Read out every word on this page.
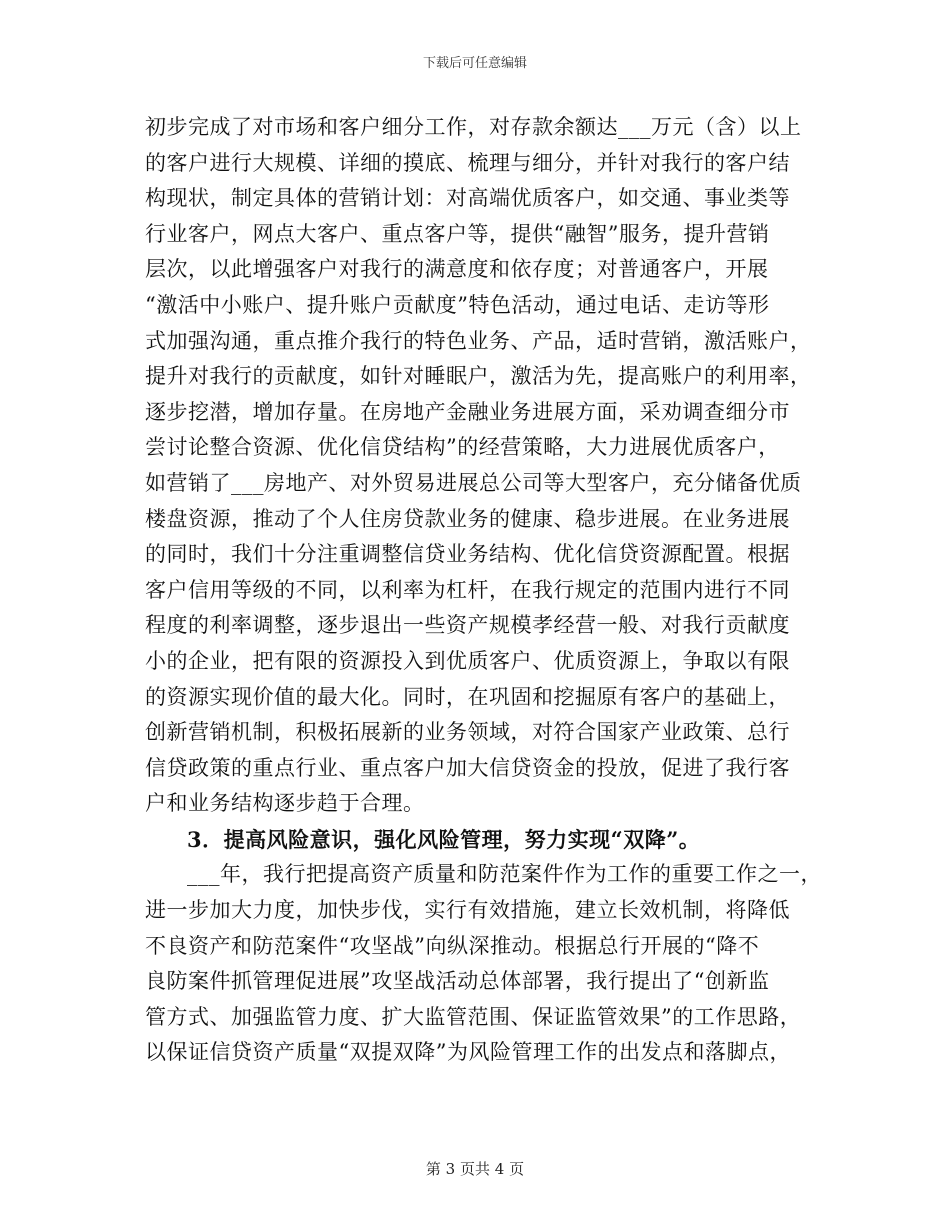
下载后可任意编辑
初步完成了对市场和客户细分工作，对存款余额达___万元（含）以上
的客户进行大规模、详细的摸底、梳理与细分，并针对我行的客户结
构现状，制定具体的营销计划：对高端优质客户，如交通、事业类等
行业客户，网点大客户、重点客户等，提供“融智”服务，提升营销
层次，以此增强客户对我行的满意度和依存度；对普通客户，开展
“激活中小账户、提升账户贡献度”特色活动，通过电话、走访等形
式加强沟通，重点推介我行的特色业务、产品，适时营销，激活账户，
提升对我行的贡献度，如针对睡眠户，激活为先，提高账户的利用率，
逐步挖潜，增加存量。在房地产金融业务进展方面，采劝调查细分市
尝讨论整合资源、优化信贷结构”的经营策略，大力进展优质客户，
如营销了___房地产、对外贸易进展总公司等大型客户，充分储备优质
楼盘资源，推动了个人住房贷款业务的健康、稳步进展。在业务进展
的同时，我们十分注重调整信贷业务结构、优化信贷资源配置。根据
客户信用等级的不同，以利率为杠杆，在我行规定的范围内进行不同
程度的利率调整，逐步退出一些资产规模孝经营一般、对我行贡献度
小的企业，把有限的资源投入到优质客户、优质资源上，争取以有限
的资源实现价值的最大化。同时，在巩固和挖掘原有客户的基础上，
创新营销机制，积极拓展新的业务领域，对符合国家产业政策、总行
信贷政策的重点行业、重点客户加大信贷资金的投放，促进了我行客
户和业务结构逐步趋于合理。
3．提高风险意识，强化风险管理，努力实现“双降”。
___年，我行把提高资产质量和防范案件作为工作的重要工作之一，
进一步加大力度，加快步伐，实行有效措施，建立长效机制，将降低
不良资产和防范案件“攻坚战”向纵深推动。根据总行开展的“降不
良防案件抓管理促进展”攻坚战活动总体部署，我行提出了“创新监
管方式、加强监管力度、扩大监管范围、保证监管效果”的工作思路，
以保证信贷资产质量“双提双降”为风险管理工作的出发点和落脚点，
第 3 页共 4 页
